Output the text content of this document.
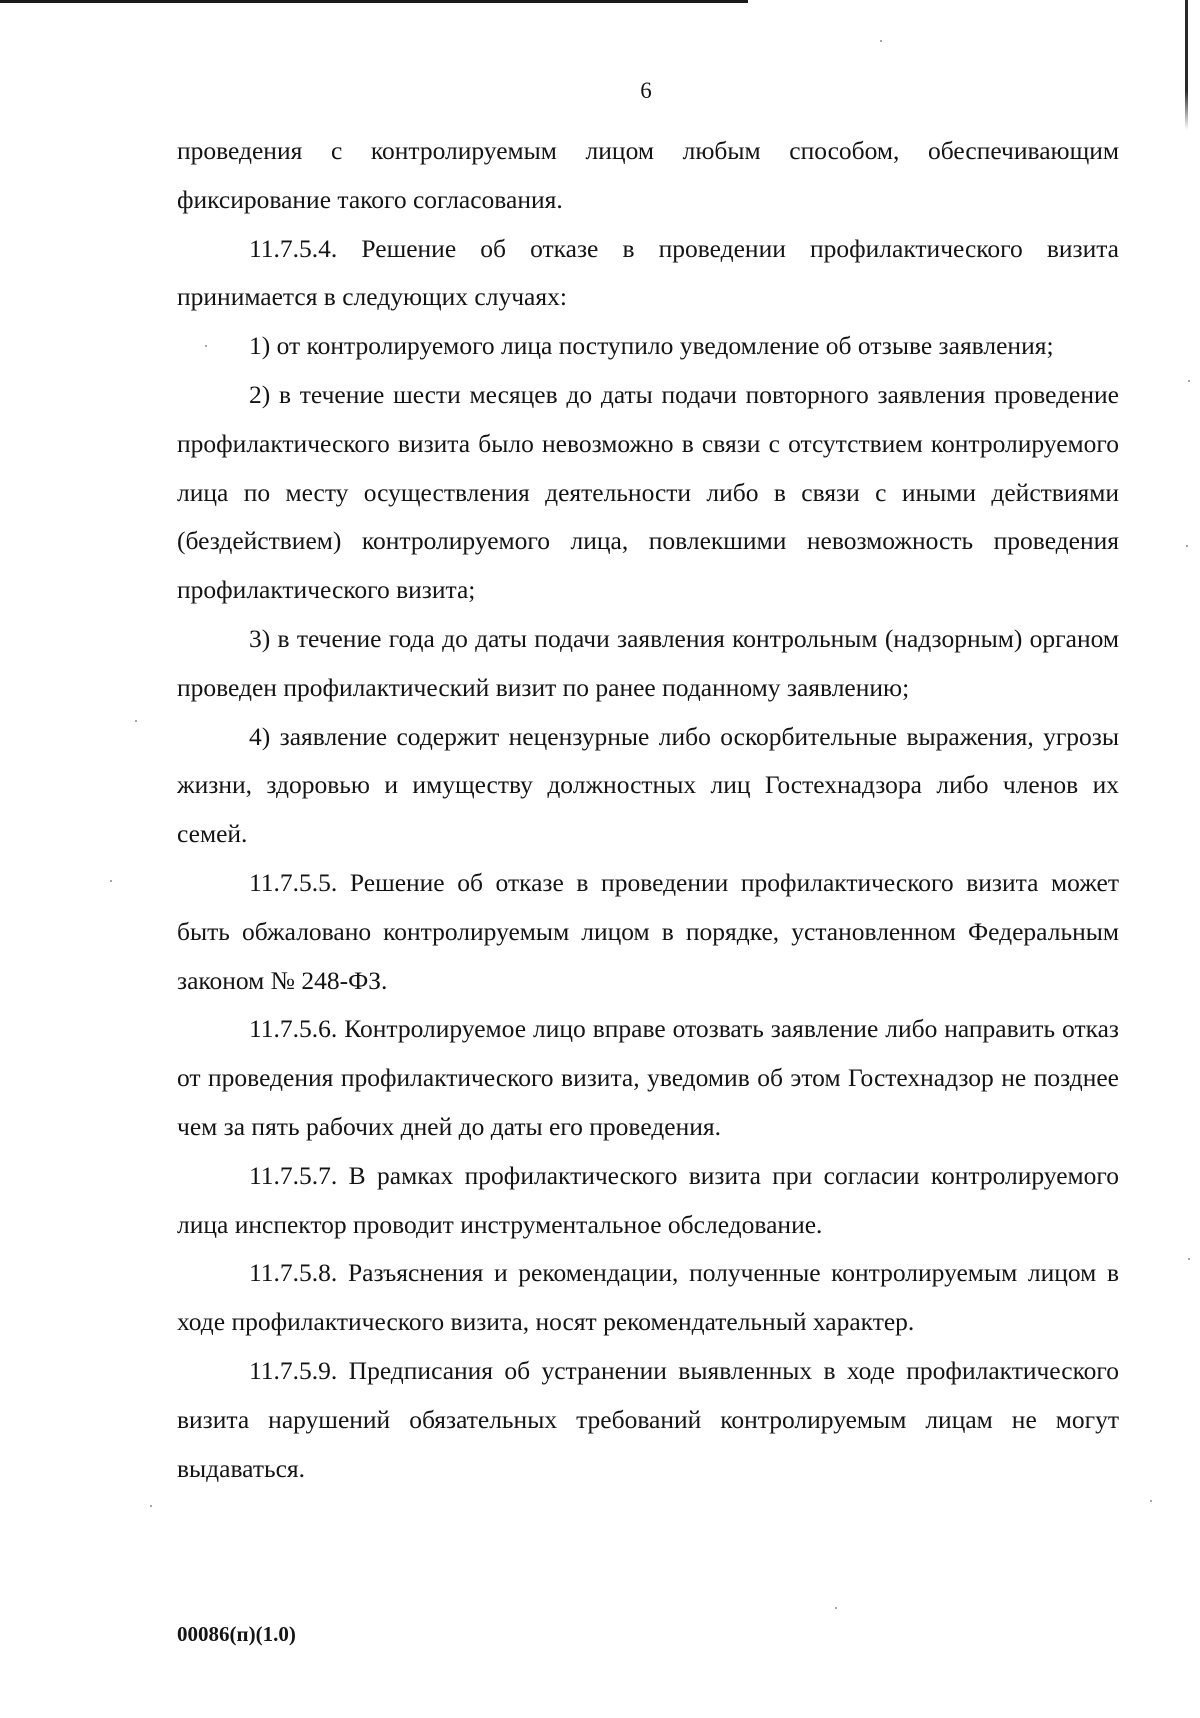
6

проведения с контролируемым лицом любым способом, обеспечивающим фиксирование такого согласования.

11.7.5.4. Решение об отказе в проведении профилактического визита принимается в следующих случаях:

1) от контролируемого лица поступило уведомление об отзыве заявления;

2) в течение шести месяцев до даты подачи повторного заявления проведение профилактического визита было невозможно в связи с отсутствием контролируемого лица по месту осуществления деятельности либо в связи с иными действиями (бездействием) контролируемого лица, повлекшими невозможность проведения профилактического визита;

3) в течение года до даты подачи заявления контрольным (надзорным) органом проведен профилактический визит по ранее поданному заявлению;

4) заявление содержит нецензурные либо оскорбительные выражения, угрозы жизни, здоровью и имуществу должностных лиц Гостехнадзора либо членов их семей.

11.7.5.5. Решение об отказе в проведении профилактического визита может быть обжаловано контролируемым лицом в порядке, установленном Федеральным законом № 248-ФЗ.

11.7.5.6. Контролируемое лицо вправе отозвать заявление либо направить отказ от проведения профилактического визита, уведомив об этом Гостехнадзор не позднее чем за пять рабочих дней до даты его проведения.

11.7.5.7. В рамках профилактического визита при согласии контролируемого лица инспектор проводит инструментальное обследование.

11.7.5.8. Разъяснения и рекомендации, полученные контролируемым лицом в ходе профилактического визита, носят рекомендательный характер.

11.7.5.9. Предписания об устранении выявленных в ходе профилактического визита нарушений обязательных требований контролируемым лицам не могут выдаваться.

00086(п)(1.0)
